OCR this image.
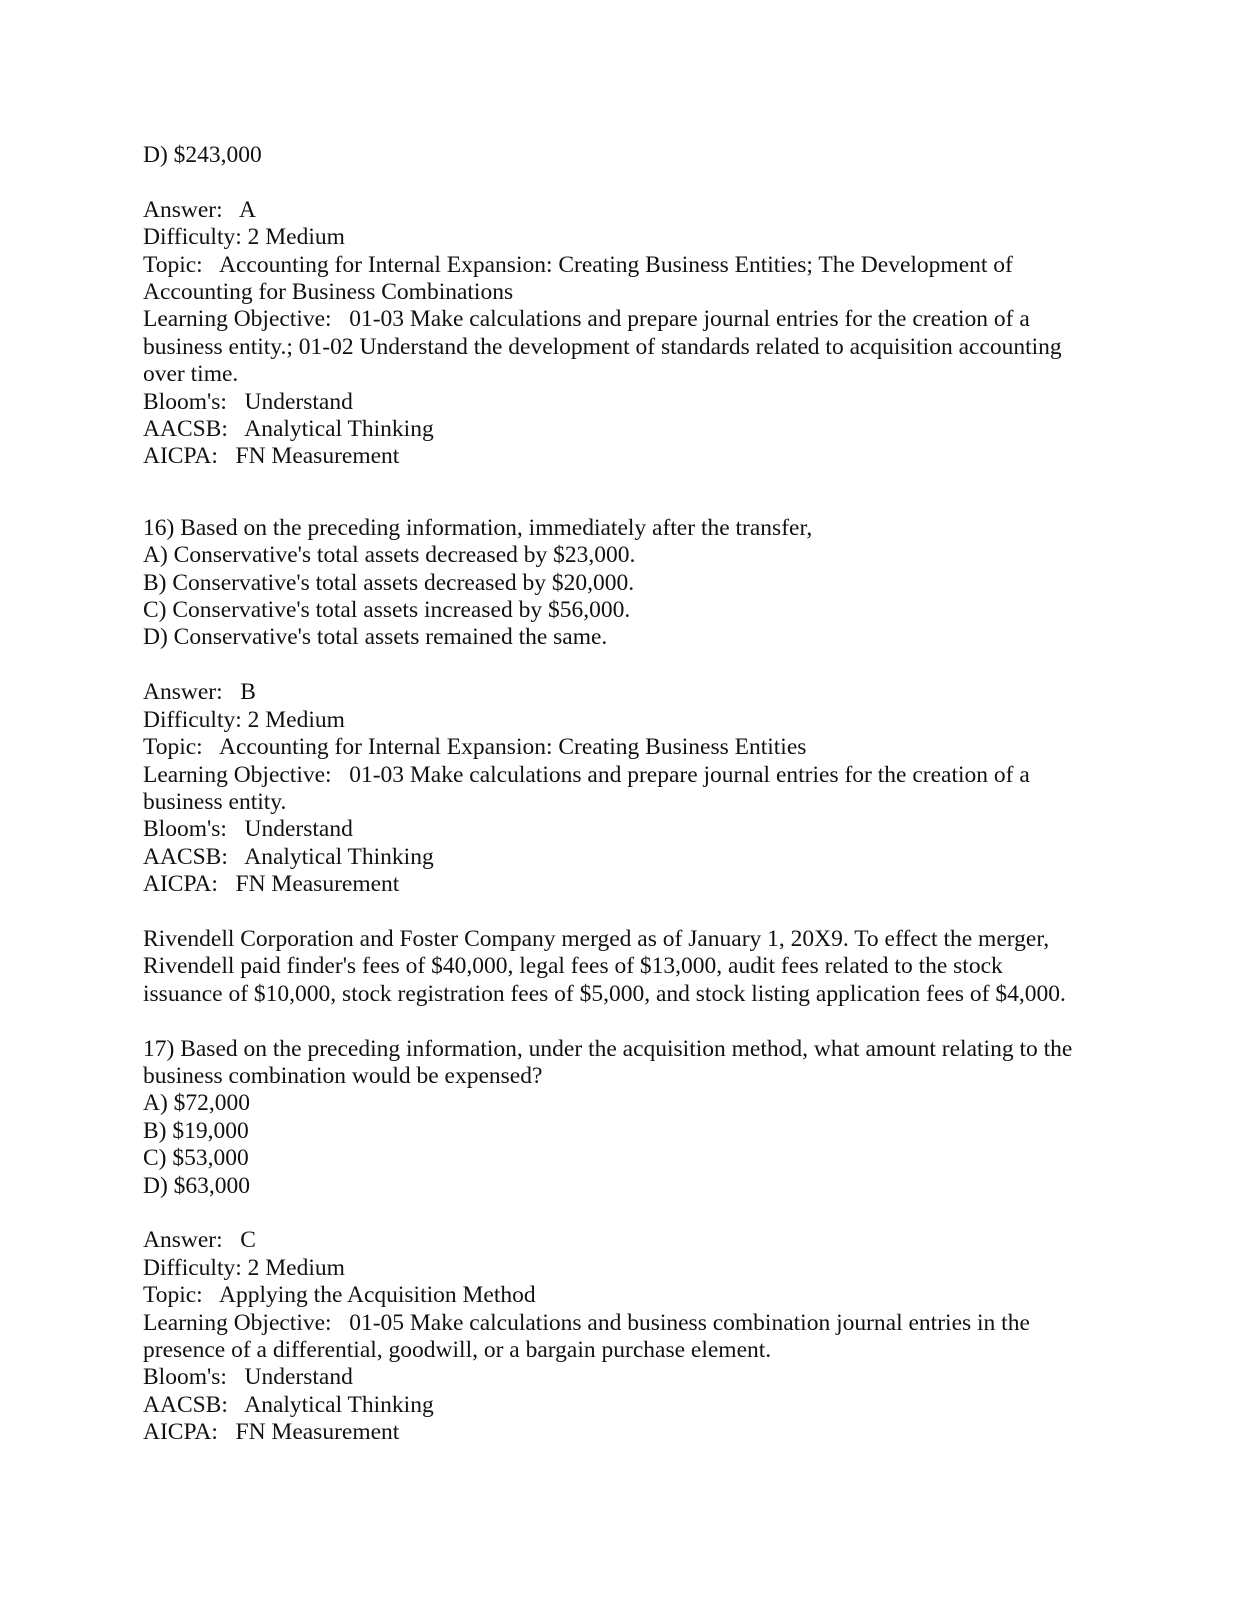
D) $243,000
Answer:   A
Difficulty: 2 Medium
Topic:   Accounting for Internal Expansion: Creating Business Entities; The Development of
Accounting for Business Combinations
Learning Objective:   01-03 Make calculations and prepare journal entries for the creation of a
business entity.; 01-02 Understand the development of standards related to acquisition accounting
over time.
Bloom's:   Understand
AACSB:   Analytical Thinking
AICPA:   FN Measurement
16) Based on the preceding information, immediately after the transfer,
A) Conservative's total assets decreased by $23,000.
B) Conservative's total assets decreased by $20,000.
C) Conservative's total assets increased by $56,000.
D) Conservative's total assets remained the same.
Answer:   B
Difficulty: 2 Medium
Topic:   Accounting for Internal Expansion: Creating Business Entities
Learning Objective:   01-03 Make calculations and prepare journal entries for the creation of a
business entity.
Bloom's:   Understand
AACSB:   Analytical Thinking
AICPA:   FN Measurement
Rivendell Corporation and Foster Company merged as of January 1, 20X9. To effect the merger,
Rivendell paid finder's fees of $40,000, legal fees of $13,000, audit fees related to the stock
issuance of $10,000, stock registration fees of $5,000, and stock listing application fees of $4,000.
17) Based on the preceding information, under the acquisition method, what amount relating to the
business combination would be expensed?
A) $72,000
B) $19,000
C) $53,000
D) $63,000
Answer:   C
Difficulty: 2 Medium
Topic:   Applying the Acquisition Method
Learning Objective:   01-05 Make calculations and business combination journal entries in the
presence of a differential, goodwill, or a bargain purchase element.
Bloom's:   Understand
AACSB:   Analytical Thinking
AICPA:   FN Measurement
